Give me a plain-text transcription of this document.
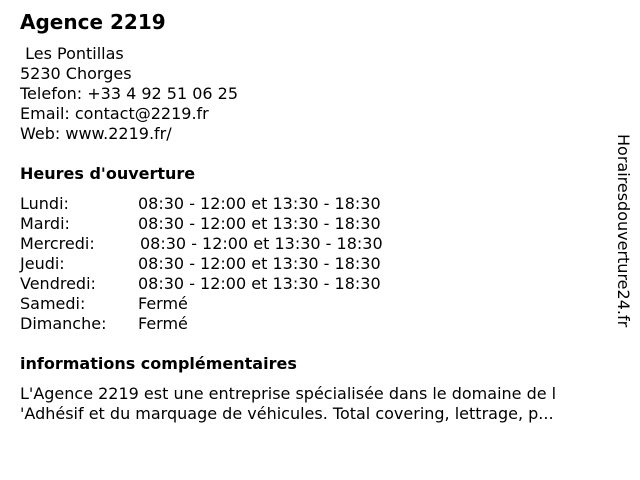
Agence 2219
Les Pontillas
5230 Chorges
Telefon: +33 4 92 51 06 25
Email: contact@2219.fr
Web: www.2219.fr/
Heures d'ouverture
Lundi:	08:30 - 12:00 et 13:30 - 18:30
Mardi:	08:30 - 12:00 et 13:30 - 18:30
Mercredi:	08:30 - 12:00 et 13:30 - 18:30
Jeudi:	08:30 - 12:00 et 13:30 - 18:30
Vendredi:	08:30 - 12:00 et 13:30 - 18:30
Samedi:	Fermé
Dimanche: Fermé
informations complémentaires
L'Agence 2219 est une entreprise spécialisée dans le domaine de l
'Adhésif et du marquage de véhicules. Total covering, lettrage, p...
Horairesdouverture24.fr
